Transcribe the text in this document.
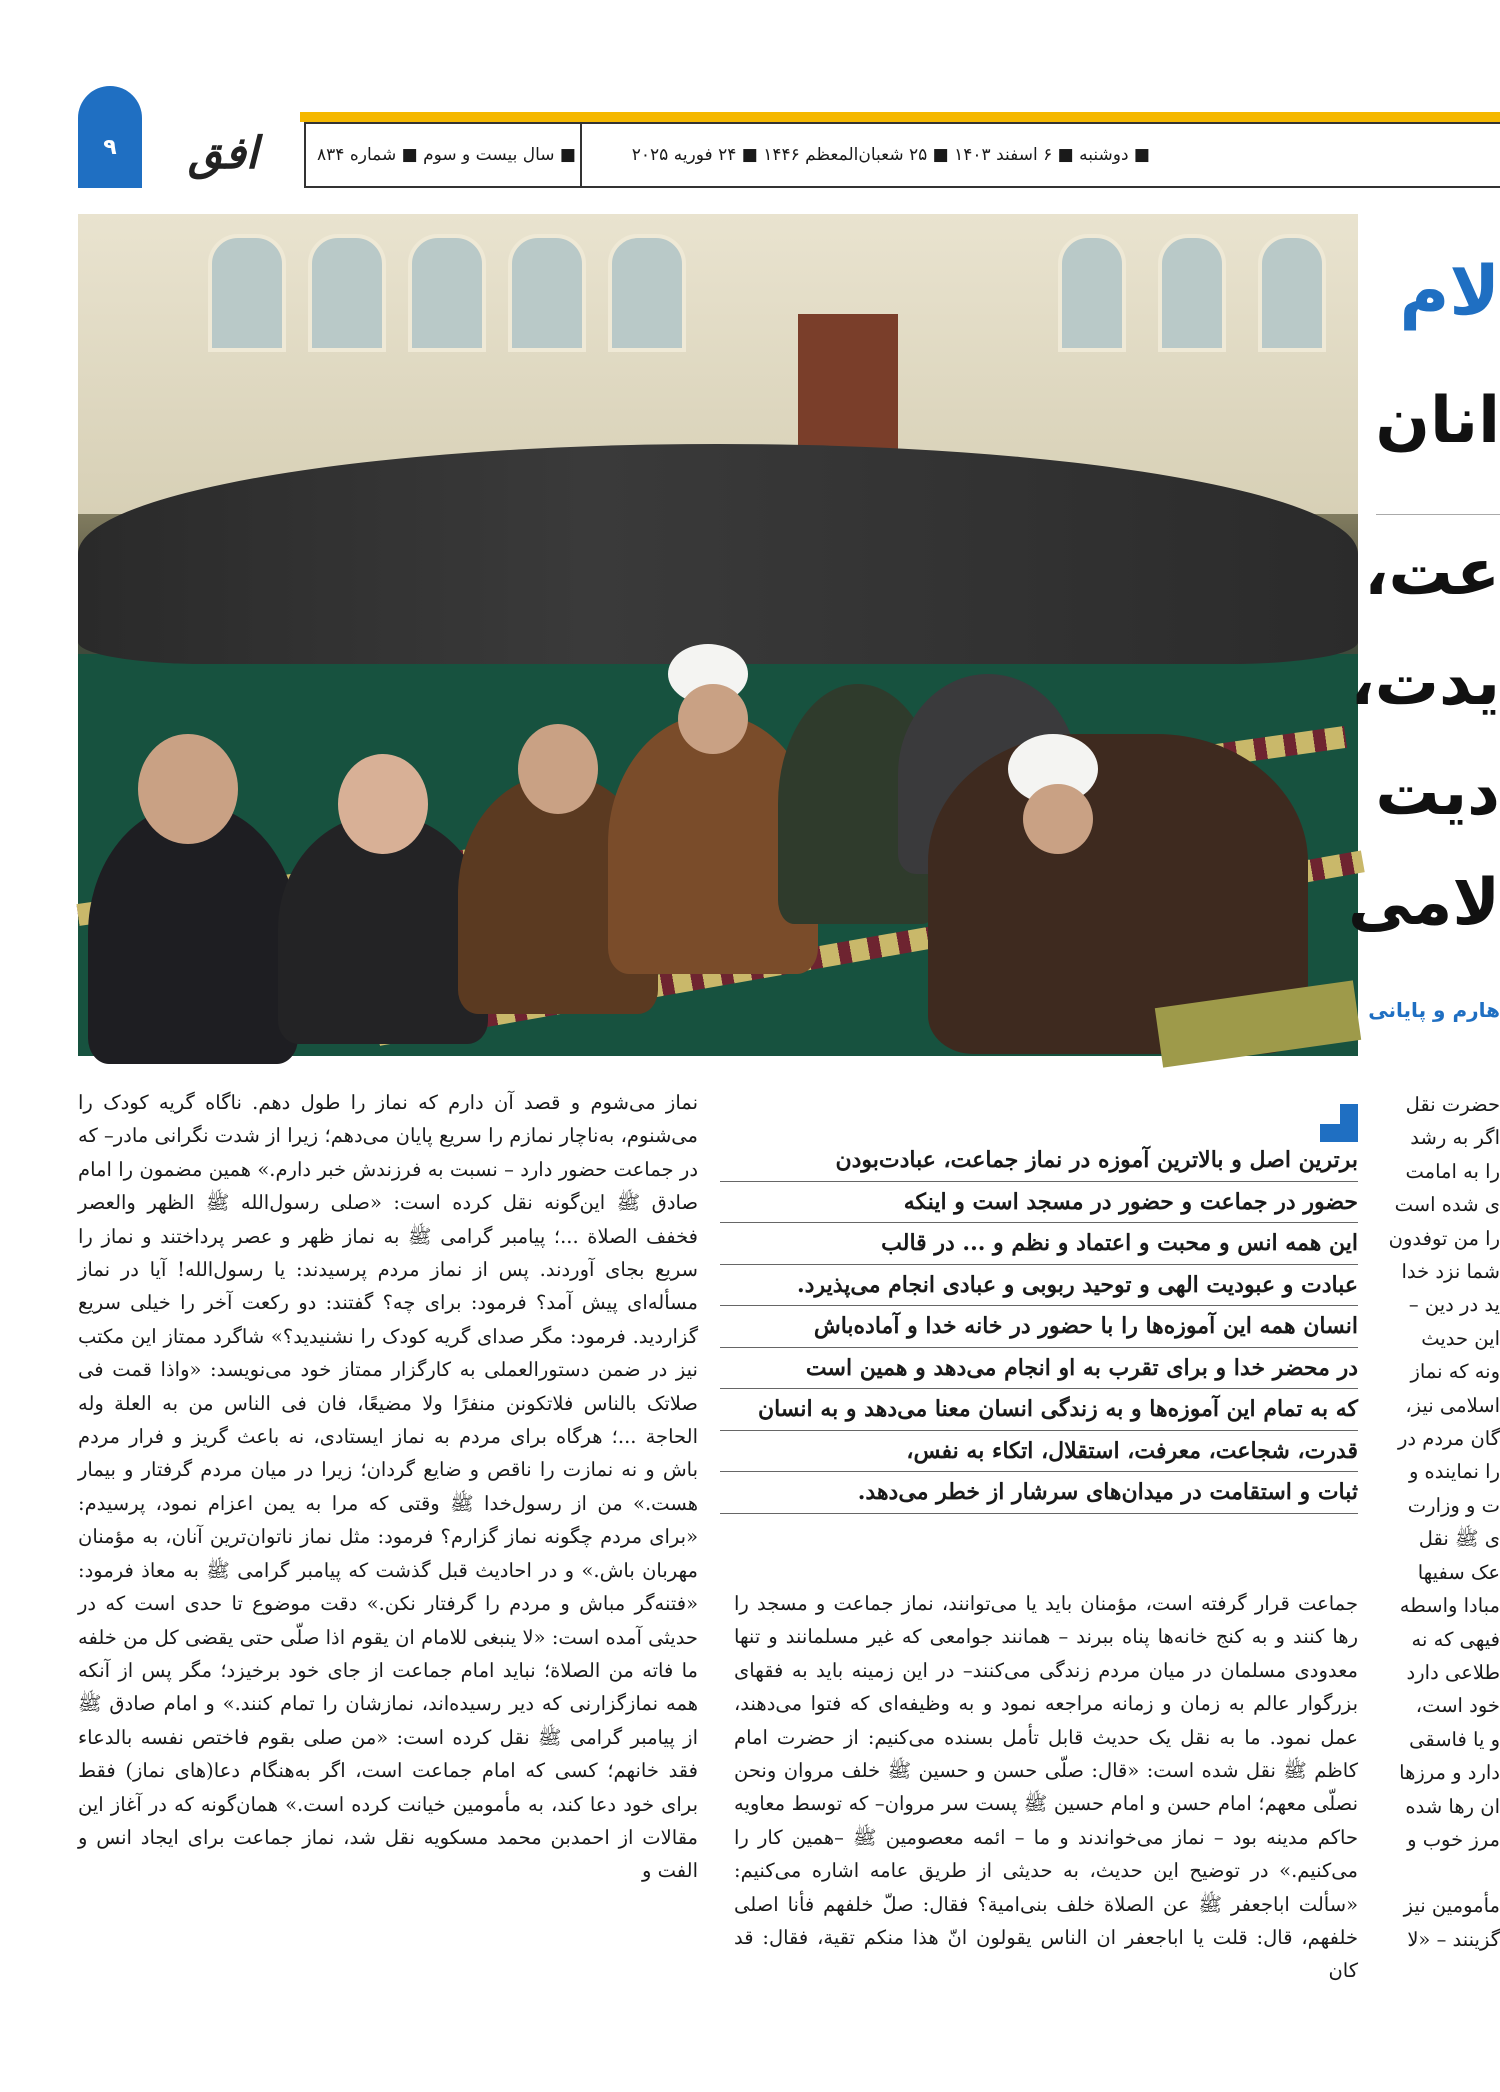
۹	افق	■ سال بیست و سوم ■ شماره ۸۳۴	■ دوشنبه ■ ۶ اسفند ۱۴۰۳ ■ ۲۵ شعبان‌المعظم ۱۴۴۶ ■ ۲۴ فوریه ۲۰۲۵
لام
انان
عت،
یدت،
دیت
لامی
هارم و پایانی
برترین اصل و بالاترین آموزه در نماز جماعت، عبادت‌بودن
حضور در جماعت و حضور در مسجد است و اینکه
این همه انس و محبت و اعتماد و نظم و ... در قالب
عبادت و عبودیت الهی و توحید ربوبی و عبادی انجام می‌پذیرد.
انسان همه این آموزه‌ها را با حضور در خانه خدا و آماده‌باش
در محضر خدا و برای تقرب به او انجام می‌دهد و همین است
که به تمام این آموزه‌ها و به زندگی انسان معنا می‌دهد و به انسان
قدرت، شجاعت، معرفت، استقلال، اتکاء به نفس،
ثبات و استقامت در میدان‌های سرشار از خطر می‌دهد.

نماز می‌شوم و قصد آن دارم که نماز را طول دهم. ناگاه گریه کودک را می‌شنوم، به‌ناچار نمازم را سریع پایان می‌دهم؛ زیرا از شدت نگرانی مادر– که در جماعت حضور دارد – نسبت به فرزندش خبر دارم.» همین مضمون را امام صادق ﷺ این‌گونه نقل کرده است: «صلی رسول‌الله ﷺ الظهر والعصر فخفف الصلاة ...؛ پیامبر گرامی ﷺ به نماز ظهر و عصر پرداختند و نماز را سریع بجای آوردند. پس از نماز مردم پرسیدند: یا رسول‌الله! آیا در نماز مسأله‌ای پیش آمد؟ فرمود: برای چه؟ گفتند: دو رکعت آخر را خیلی سریع گزاردید. فرمود: مگر صدای گریه کودک را نشنیدید؟» شاگرد ممتاز این مکتب نیز در ضمن دستورالعملی به کارگزار ممتاز خود می‌نویسد: «واذا قمت فی صلاتک بالناس فلاتکونن منفرًا ولا مضیعًا، فان فی الناس من به العلة وله الحاجة ...؛ هرگاه برای مردم به نماز ایستادی، نه باعث گریز و فرار مردم باش و نه نمازت را ناقص و ضایع گردان؛ زیرا در میان مردم گرفتار و بیمار هست.» من از رسول‌خدا ﷺ وقتی که مرا به یمن اعزام نمود، پرسیدم: «برای مردم چگونه نماز گزارم؟ فرمود: مثل نماز ناتوان‌ترین آنان، به مؤمنان مهربان باش.» و در احادیث قبل گذشت که پیامبر گرامی ﷺ به معاذ فرمود: «فتنه‌گر مباش و مردم را گرفتار نکن.» دقت موضوع تا حدی است که در حدیثی آمده است: «لا ینبغی للامام ان یقوم اذا صلّی حتی یقضی کل من خلفه ما فاته من الصلاة؛ نباید امام جماعت از جای خود برخیزد؛ مگر پس از آنکه همه نمازگزارنی که دیر رسیده‌اند، نمازشان را تمام کنند.» و امام صادق ﷺ از پیامبر گرامی ﷺ نقل کرده است: «من صلی بقوم فاختص نفسه بالدعاء فقد خانهم؛ کسی که امام جماعت است، اگر به‌هنگام دعا(های نماز) فقط برای خود دعا کند، به مأمومین خیانت کرده است.» همان‌گونه که در آغاز این مقالات از احمدبن محمد مسکویه نقل شد، نماز جماعت برای ایجاد انس و الفت و

جماعت قرار گرفته است، مؤمنان باید یا می‌توانند، نماز جماعت و مسجد را رها کنند و به کنج خانه‌ها پناه ببرند – همانند جوامعی که غیر مسلمانند و تنها معدودی مسلمان در میان مردم زندگی می‌کنند– در این زمینه باید به فقهای بزرگوار عالم به زمان و زمانه مراجعه نمود و به وظیفه‌ای که فتوا می‌دهند، عمل نمود. ما به نقل یک حدیث قابل تأمل بسنده می‌کنیم: از حضرت امام کاظم ﷺ نقل شده است: «قال: صلّی حسن و حسین ﷺ خلف مروان ونحن نصلّی معهم؛ امام حسن و امام حسین ﷺ پست سر مروان– که توسط معاویه حاکم مدینه بود – نماز می‌خواندند و ما – ائمه معصومین ﷺ –همین کار را می‌کنیم.» در توضیح این حدیث، به حدیثی از طریق عامه اشاره می‌کنیم: «سألت اباجعفر ﷺ عن الصلاة خلف بنی‌امیة؟ فقال: صلّ خلفهم فأنا اصلی خلفهم، قال: قلت یا اباجعفر ان الناس یقولون انّ هذا منکم تقیة، فقال: قد کان

حضرت نقل
اگر به رشد
را به امامت
ی شده است
را من توفدون
شما نزد خدا
ید در دین –
این حدیث
ونه که نماز
اسلامی نیز،
گان مردم در
را نماینده و
ت و وزارت
ی ﷺ نقل
عک سفیها
مبادا واسطه
فیهی که نه
طلاعی دارد
خود است،
و یا فاسقی
دارد و مرزها
ان رها شده
مرز خوب و
مأمومین نیز
گزینند – «لا
